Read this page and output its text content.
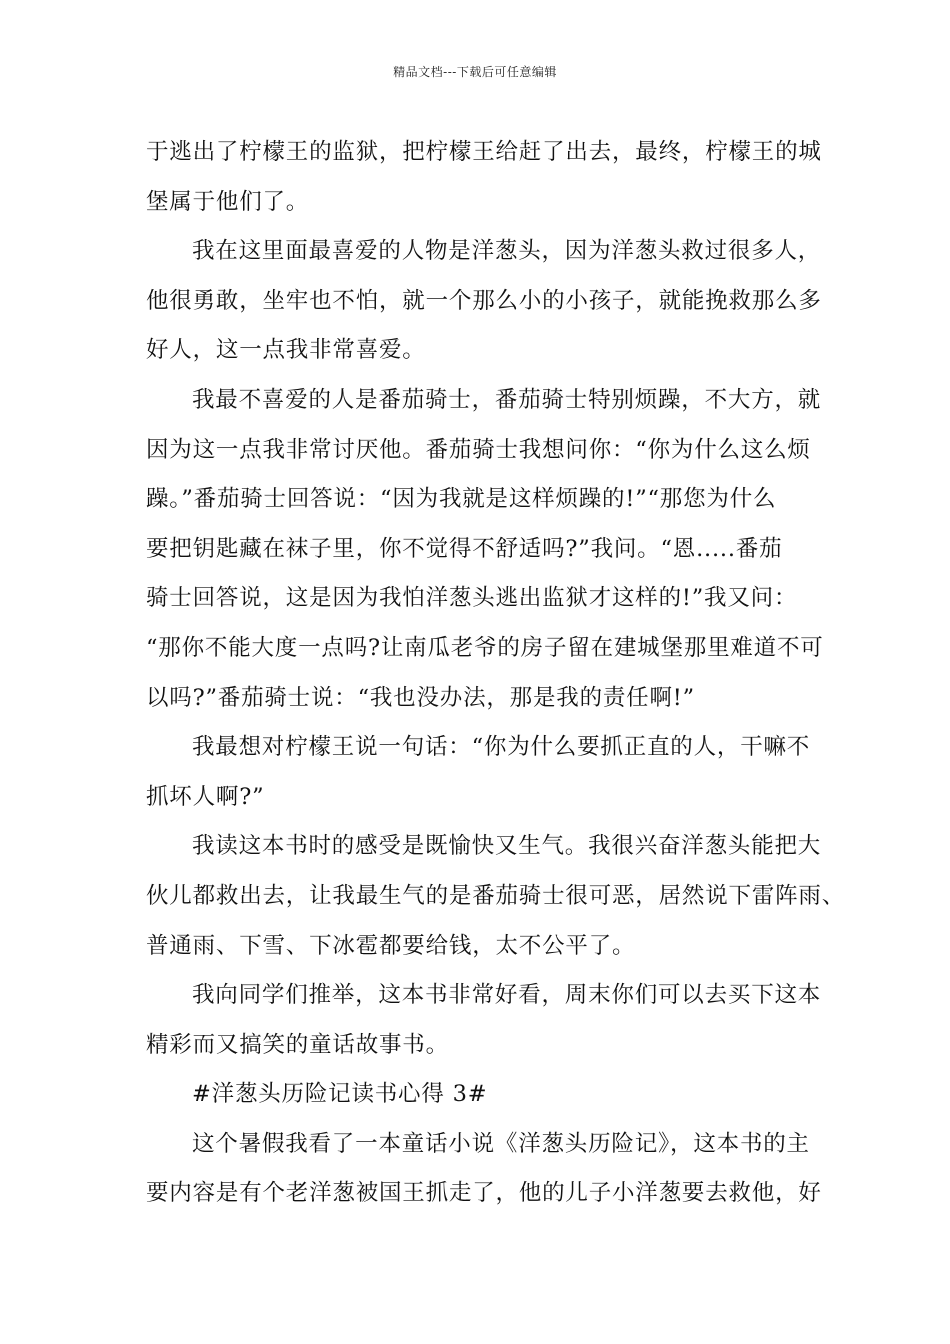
精品文档---下载后可任意编辑

于逃出了柠檬王的监狱，把柠檬王给赶了出去，最终，柠檬王的城
堡属于他们了。

我在这里面最喜爱的人物是洋葱头，因为洋葱头救过很多人，
他很勇敢，坐牢也不怕，就一个那么小的小孩子，就能挽救那么多
好人，这一点我非常喜爱。

我最不喜爱的人是番茄骑士，番茄骑士特别烦躁，不大方，就
因为这一点我非常讨厌他。番茄骑士我想问你：“你为什么这么烦
躁。”番茄骑士回答说：“因为我就是这样烦躁的!”“那您为什么
要把钥匙藏在袜子里，你不觉得不舒适吗?”我问。“恩.....番茄
骑士回答说，这是因为我怕洋葱头逃出监狱才这样的!”我又问：
“那你不能大度一点吗?让南瓜老爷的房子留在建城堡那里难道不可
以吗?”番茄骑士说：“我也没办法，那是我的责任啊!”

我最想对柠檬王说一句话：“你为什么要抓正直的人，干嘛不
抓坏人啊?”

我读这本书时的感受是既愉快又生气。我很兴奋洋葱头能把大
伙儿都救出去，让我最生气的是番茄骑士很可恶，居然说下雷阵雨、
普通雨、下雪、下冰雹都要给钱，太不公平了。

我向同学们推举，这本书非常好看，周末你们可以去买下这本
精彩而又搞笑的童话故事书。

#洋葱头历险记读书心得 3#

这个暑假我看了一本童话小说《洋葱头历险记》，这本书的主
要内容是有个老洋葱被国王抓走了，他的儿子小洋葱要去救他，好
